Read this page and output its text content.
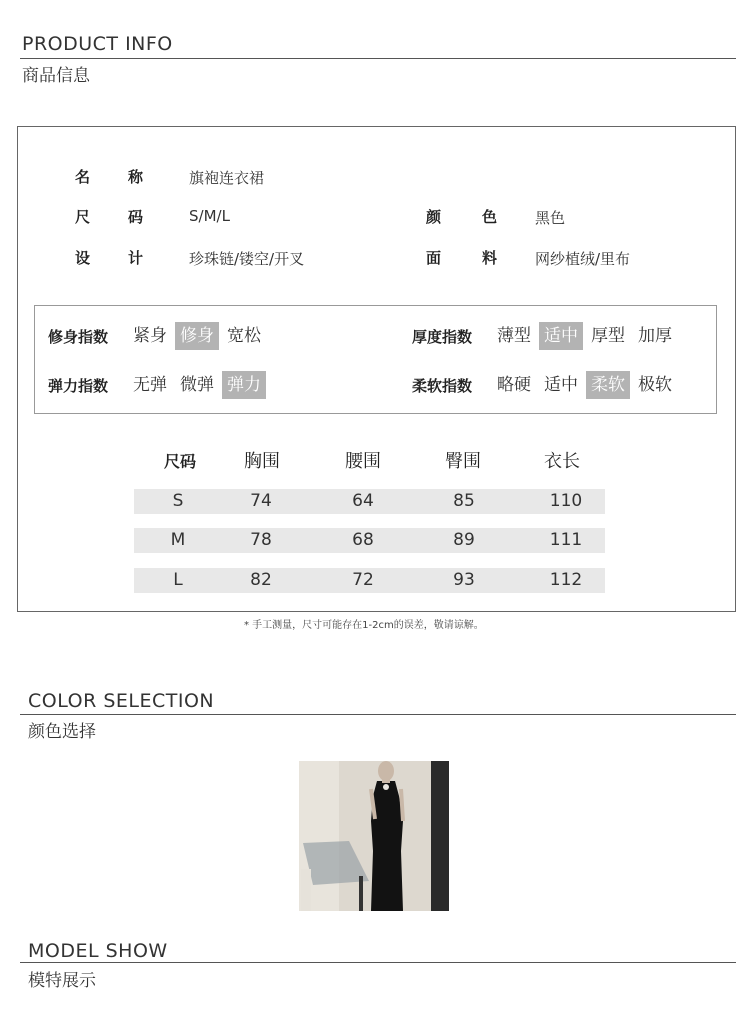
PRODUCT INFO
商品信息
名	称	旗袍连衣裙
尺	码	S/M/L	颜	色	黑色
设	计	珍珠链/镂空/开叉	面	料	网纱植绒/里布
修身指数	紧身 修身 宽松	厚度指数	薄型 适中 厚型 加厚
弹力指数	无弹 微弹 弹力	柔软指数	略硬 适中 柔软 极软
尺码	胸围	腰围	臀围	衣长
S	74	64	85	110
M	78	68	89	111
L	82	72	93	112
* 手工测量，尺寸可能存在1-2cm的误差，敬请谅解。
COLOR SELECTION
颜色选择
MODEL SHOW
模特展示
